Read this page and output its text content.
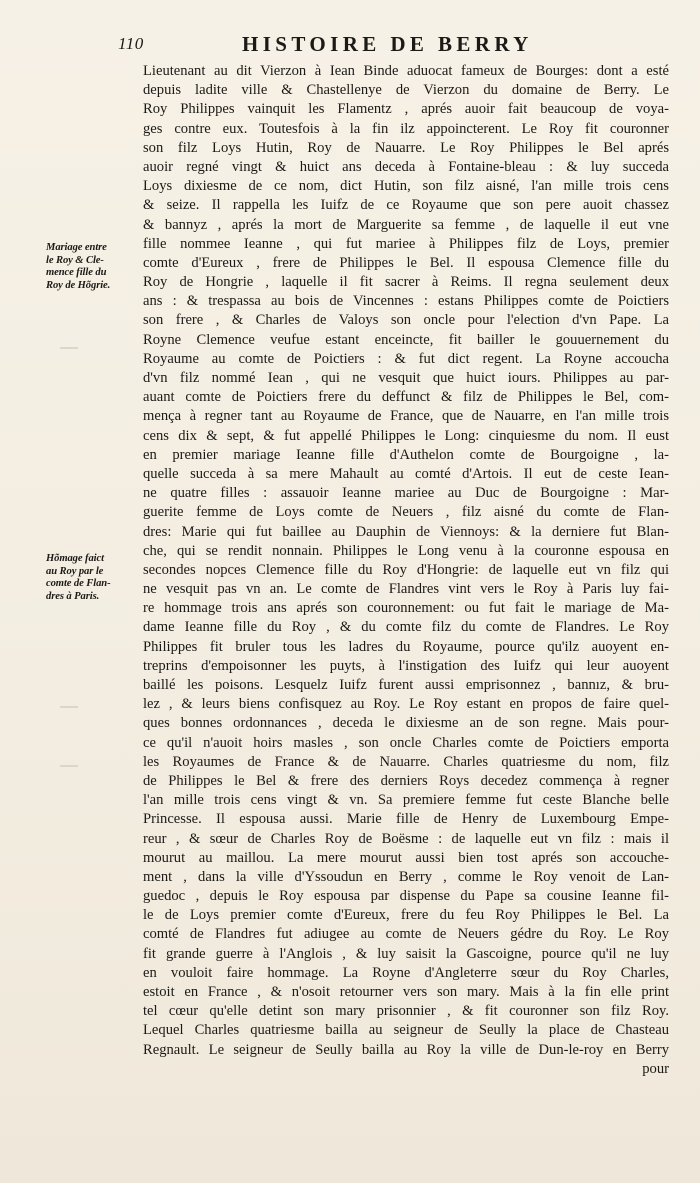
110	HISTOIRE DE BERRY
Mariage entre
le Roy & Cle-
mence fille du
Roy de Hõgrie.
Hõmage faict
au Roy par le
comte de Flan-
dres à Paris.
Lieutenant au dit Vierzon à Iean Binde aduocat fameux de Bourges: dont a esté
depuis ladite ville & Chastellenye de Vierzon du domaine de Berry. Le
Roy Philippes vainquit les Flamentz , aprés auoir fait beaucoup de voya-
ges contre eux. Toutesfois à la fin ilz appoincterent. Le Roy fit couronner
son filz Loys Hutin, Roy de Nauarre. Le Roy Philippes le Bel aprés
auoir regné vingt & huict ans deceda à Fontaine-bleau : & luy succeda
Loys dixiesme de ce nom, dict Hutin, son filz aisné, l'an mille trois cens
& seize. Il rappella les Iuifz de ce Royaume que son pere auoit chassez
& bannyz , aprés la mort de Marguerite sa femme , de laquelle il eut vne
fille nommee Ieanne , qui fut mariee à Philippes filz de Loys, premier
comte d'Eureux , frere de Philippes le Bel. Il espousa Clemence fille du
Roy de Hongrie , laquelle il fit sacrer à Reims. Il regna seulement deux
ans : & trespassa au bois de Vincennes : estans Philippes comte de Poictiers
son frere , & Charles de Valoys son oncle pour l'election d'vn Pape. La
Royne Clemence veufue estant enceincte, fit bailler le gouuernement du
Royaume au comte de Poictiers : & fut dict regent. La Royne accoucha
d'vn filz nommé Iean , qui ne vesquit que huict iours. Philippes au par-
auant comte de Poictiers frere du deffunct & filz de Philippes le Bel, com-
mença à regner tant au Royaume de France, que de Nauarre, en l'an mille trois
cens dix & sept, & fut appellé Philippes le Long: cinquiesme du nom. Il eust
en premier mariage Ieanne fille d'Authelon comte de Bourgoigne , la-
quelle succeda à sa mere Mahault au comté d'Artois. Il eut de ceste Iean-
ne quatre filles : assauoir Ieanne mariee au Duc de Bourgoigne : Mar-
guerite femme de Loys comte de Neuers , filz aisné du comte de Flan-
dres: Marie qui fut baillee au Dauphin de Viennoys: & la derniere fut Blan-
che, qui se rendit nonnain. Philippes le Long venu à la couronne espousa en
secondes nopces Clemence fille du Roy d'Hongrie: de laquelle eut vn filz qui
ne vesquit pas vn an. Le comte de Flandres vint vers le Roy à Paris luy fai-
re hommage trois ans aprés son couronnement: ou fut fait le mariage de Ma-
dame Ieanne fille du Roy , & du comte filz du comte de Flandres. Le Roy
Philippes fit bruler tous les ladres du Royaume, pource qu'ilz auoyent en-
treprins d'empoisonner les puyts, à l'instigation des Iuifz qui leur auoyent
baillé les poisons. Lesquelz Iuifz furent aussi emprisonnez , bannız, & bru-
lez , & leurs biens confisquez au Roy. Le Roy estant en propos de faire quel-
ques bonnes ordonnances , deceda le dixiesme an de son regne. Mais pour-
ce qu'il n'auoit hoirs masles , son oncle Charles comte de Poictiers emporta
les Royaumes de France & de Nauarre. Charles quatriesme du nom, filz
de Philippes le Bel & frere des derniers Roys decedez commença à regner
l'an mille trois cens vingt & vn. Sa premiere femme fut ceste Blanche belle
Princesse. Il espousa aussi. Marie fille de Henry de Luxembourg Empe-
reur , & sœur de Charles Roy de Boësme : de laquelle eut vn filz : mais il
mourut au maillou. La mere mourut aussi bien tost aprés son accouche-
ment , dans la ville d'Yssoudun en Berry , comme le Roy venoit de Lan-
guedoc , depuis le Roy espousa par dispense du Pape sa cousine Ieanne fil-
le de Loys premier comte d'Eureux, frere du feu Roy Philippes le Bel. La
comté de Flandres fut adiugee au comte de Neuers gédre du Roy. Le Roy
fit grande guerre à l'Anglois , & luy saisit la Gascoigne, pource qu'il ne luy
en vouloit faire hommage. La Royne d'Angleterre sœur du Roy Charles,
estoit en France , & n'osoit retourner vers son mary. Mais à la fin elle print
tel cœur qu'elle detint son mary prisonnier , & fit couronner son filz Roy.
Lequel Charles quatriesme bailla au seigneur de Seully la place de Chasteau
Regnault. Le seigneur de Seully bailla au Roy la ville de Dun-le-roy en Berry
pour
